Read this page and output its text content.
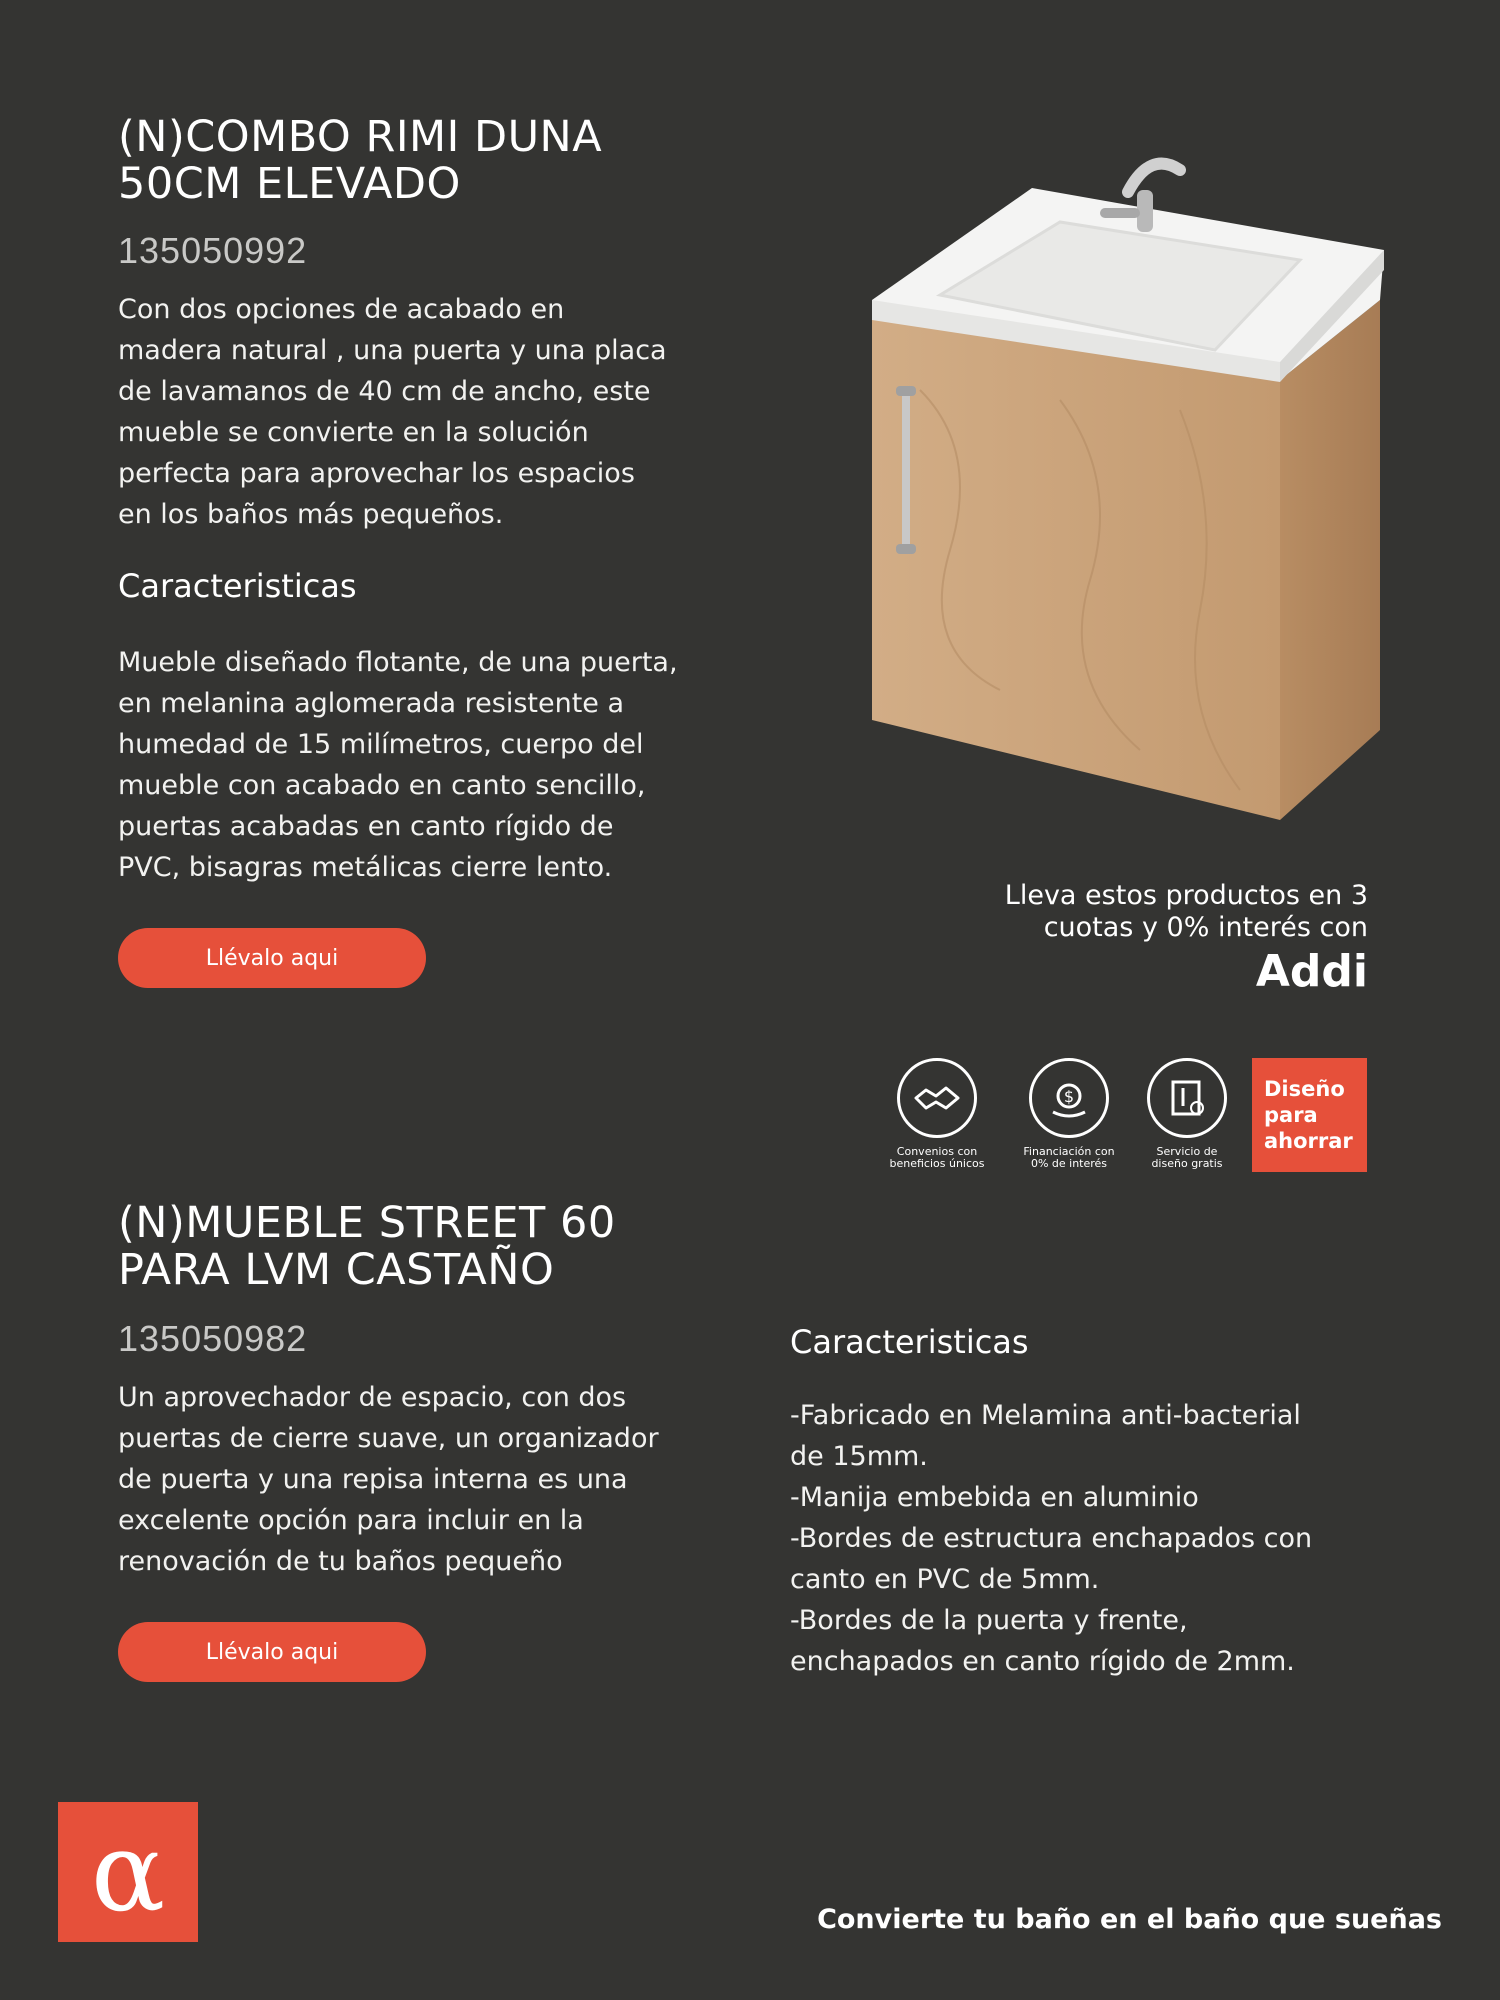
(N)COMBO RIMI DUNA
50CM ELEVADO
135050992
Con dos opciones de acabado en
madera natural , una puerta y una placa
de lavamanos de 40 cm de ancho, este
mueble se convierte en la solución
perfecta para aprovechar los espacios
en los baños más pequeños.
Caracteristicas
Mueble diseñado flotante, de una puerta,
en melanina aglomerada resistente a
humedad de 15 milímetros, cuerpo del
mueble con acabado en canto sencillo,
puertas acabadas en canto rígido de
PVC, bisagras metálicas cierre lento.
Llévalo aqui
Lleva estos productos en 3
cuotas y 0% interés con
Addi
Convenios con
beneficios únicos
$
Financiación con
0% de interés
Servicio de
diseño gratis
Diseño
para
ahorrar
(N)MUEBLE STREET 60
PARA LVM CASTAÑO
135050982
Un aprovechador de espacio, con dos
puertas de cierre suave, un organizador
de puerta y una repisa interna es una
excelente opción para incluir en la
renovación de tu baños pequeño
Llévalo aqui
Caracteristicas
-Fabricado en Melamina anti-bacterial
de 15mm.
-Manija embebida en aluminio
-Bordes de estructura enchapados con
canto en PVC de 5mm.
-Bordes de la puerta y frente,
enchapados en canto rígido de 2mm.
α	Convierte tu baño en el baño que sueñas
